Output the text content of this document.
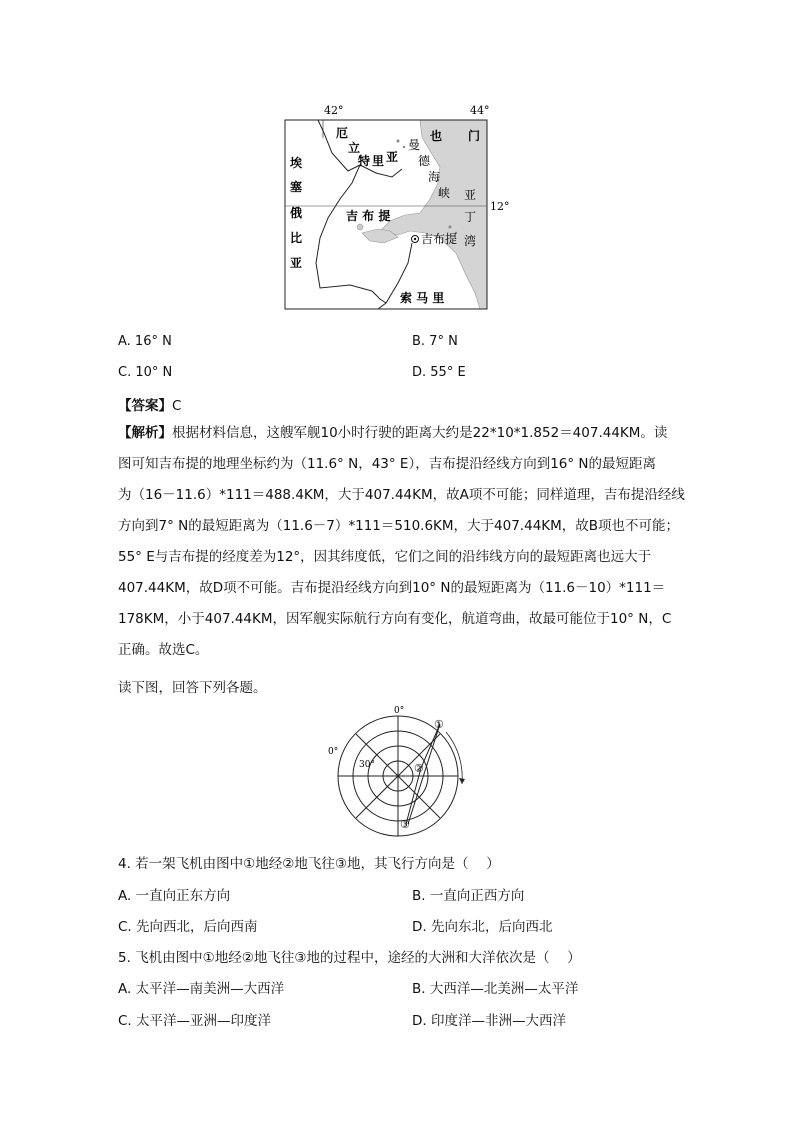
42°	44°
12°
厄
立
特 里 亚
曼
德
海
峡
也 门
亚
丁
湾
埃
塞
俄
比
亚
吉 布 提
吉布提
索 马 里
A. 16° N	B. 7° N
C. 10° N	D. 55° E
【答案】C
【解析】根据材料信息，这艘军舰10小时行驶的距离大约是22*10*1.852＝407.44KM。读
图可知吉布提的地理坐标约为（11.6° N，43° E），吉布提沿经线方向到16° N的最短距离
为（16－11.6）*111＝488.4KM，大于407.44KM，故A项不可能；同样道理，吉布提沿经线
方向到7° N的最短距离为（11.6－7）*111＝510.6KM，大于407.44KM，故B项也不可能；
55° E与吉布提的经度差为12°，因其纬度低，它们之间的沿纬线方向的最短距离也远大于
407.44KM，故D项不可能。吉布提沿经线方向到10° N的最短距离为（11.6－10）*111＝
178KM，小于407.44KM，因军舰实际航行方向有变化，航道弯曲，故最可能位于10° N，C
正确。故选C。
读下图，回答下列各题。
0°
0°
30°
①
②
③
4. 若一架飞机由图中①地经②地飞往③地，其飞行方向是（　 ）
A. 一直向正东方向	B. 一直向正西方向
C. 先向西北，后向西南	D. 先向东北，后向西北
5. 飞机由图中①地经②地飞往③地的过程中，途经的大洲和大洋依次是（　 ）
A. 太平洋—南美洲—大西洋	B. 大西洋—北美洲—太平洋
C. 太平洋—亚洲—印度洋	D. 印度洋—非洲—大西洋
